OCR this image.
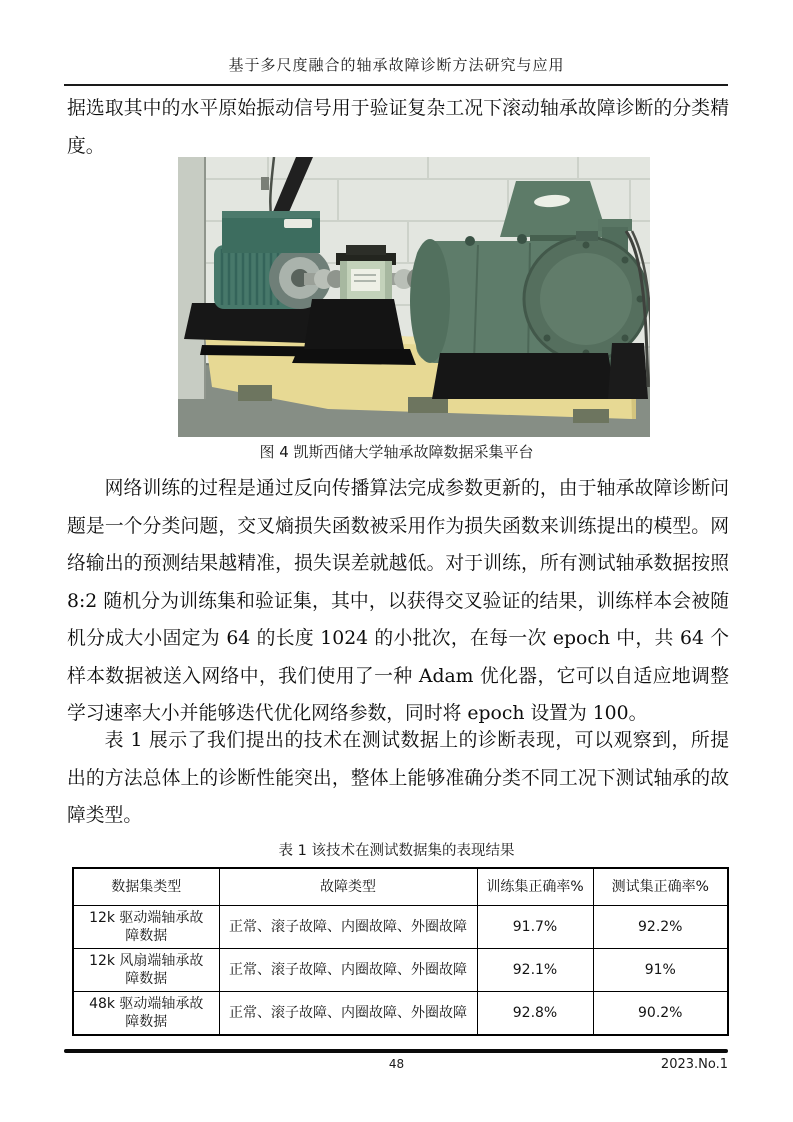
基于多尺度融合的轴承故障诊断方法研究与应用

据选取其中的水平原始振动信号用于验证复杂工况下滚动轴承故障诊断的分类精度。

图 4 凯斯西储大学轴承故障数据采集平台

网络训练的过程是通过反向传播算法完成参数更新的，由于轴承故障诊断问题是一个分类问题，交叉熵损失函数被采用作为损失函数来训练提出的模型。网络输出的预测结果越精准，损失误差就越低。对于训练，所有测试轴承数据按照 8:2 随机分为训练集和验证集，其中，以获得交叉验证的结果，训练样本会被随机分成大小固定为 64 的长度 1024 的小批次，在每一次 epoch 中，共 64 个样本数据被送入网络中，我们使用了一种 Adam 优化器，它可以自适应地调整学习速率大小并能够迭代优化网络参数，同时将 epoch 设置为 100。

表 1 展示了我们提出的技术在测试数据上的诊断表现，可以观察到，所提出的方法总体上的诊断性能突出，整体上能够准确分类不同工况下测试轴承的故障类型。

表 1 该技术在测试数据集的表现结果
数据集类型	故障类型	训练集正确率%	测试集正确率%
12k 驱动端轴承故障数据	正常、滚子故障、内圈故障、外圈故障	91.7%	92.2%
12k 风扇端轴承故障数据	正常、滚子故障、内圈故障、外圈故障	92.1%	91%
48k 驱动端轴承故障数据	正常、滚子故障、内圈故障、外圈故障	92.8%	90.2%
48	2023.No.1
